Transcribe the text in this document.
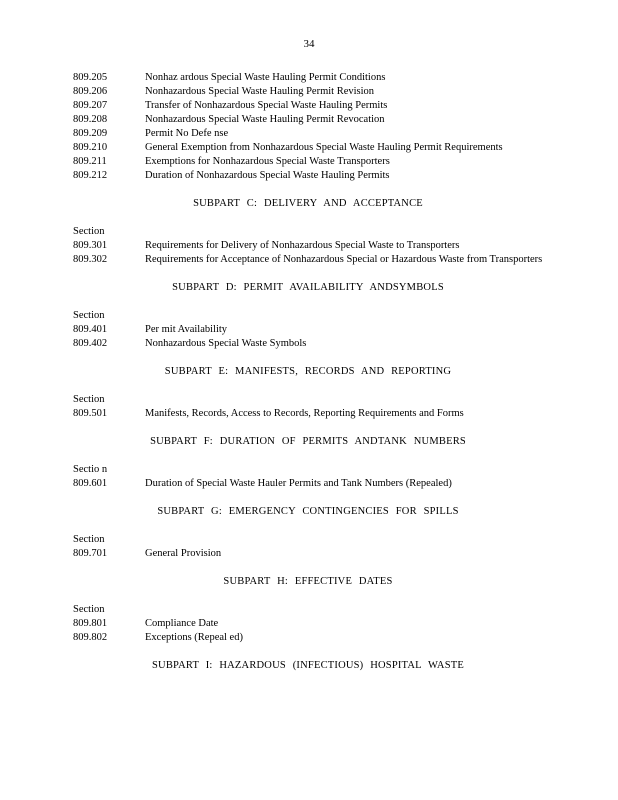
34
809.205	Nonhaz ardous Special Waste Hauling Permit Conditions
809.206	Nonhazardous Special Waste Hauling Permit Revision
809.207	Transfer of Nonhazardous Special Waste Hauling Permits
809.208	Nonhazardous Special Waste Hauling Permit Revocation
809.209	Permit No Defe nse
809.210	General Exemption from Nonhazardous Special Waste Hauling Permit Requirements
809.211	Exemptions for Nonhazardous Special Waste Transporters
809.212	Duration of Nonhazardous Special Waste Hauling Permits
SUBPART C: DELIVERY AND ACCEPTANCE
Section
809.301	Requirements for Delivery of Nonhazardous Special Waste to Transporters
809.302	Requirements for Acceptance of Nonhazardous Special or Hazardous Waste from Transporters
SUBPART D: PERMIT AVAILABILITY ANDSYMBOLS
Section
809.401	Per mit Availability
809.402	Nonhazardous Special Waste Symbols
SUBPART E: MANIFESTS, RECORDS AND REPORTING
Section
809.501	Manifests, Records, Access to Records, Reporting Requirements and Forms
SUBPART F: DURATION OF PERMITS ANDTANK NUMBERS
Sectio n
809.601	Duration of Special Waste Hauler Permits and Tank Numbers (Repealed)
SUBPART G: EMERGENCY CONTINGENCIES FOR SPILLS
Section
809.701	General Provision
SUBPART H: EFFECTIVE DATES
Section
809.801	Compliance Date
809.802	Exceptions (Repeal ed)
SUBPART I: HAZARDOUS (INFECTIOUS) HOSPITAL WASTE
